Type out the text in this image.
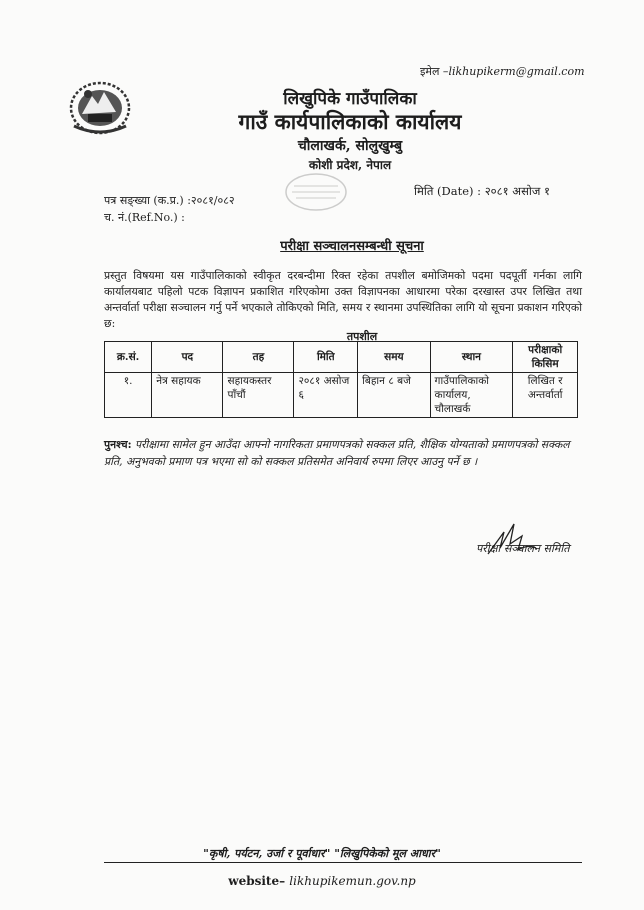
इमेल –likhupikerm@gmail.com
लिखुपिके गाउँपालिका
गाउँ कार्यपालिकाको कार्यालय
चौलाखर्क, सोलुखुम्बु
कोशी प्रदेश, नेपाल
पत्र सङ्ख्या (क.प्र.) :२०८१/०८२
च. नं.(Ref.No.) :
मिति (Date) : २०८१ असोज १
परीक्षा सञ्चालनसम्बन्धी सूचना
प्रस्तुत विषयमा यस गाउँपालिकाको स्वीकृत दरबन्दीमा रिक्त रहेका तपशील बमोजिमको पदमा पदपूर्ती गर्नका लागि कार्यालयबाट पहिलो पटक विज्ञापन प्रकाशित गरिएकोमा उक्त विज्ञापनका आधारमा परेका दरखास्त उपर लिखित तथा अन्तर्वार्ता परीक्षा सञ्चालन गर्नु पर्ने भएकाले तोकिएको मिति, समय र स्थानमा उपस्थितिका लागि यो सूचना प्रकाशन गरिएको छ:
तपशील
क्र.सं.	पद	तह	मिति	समय	स्थान	परीक्षाको किसिम
१.	नेत्र सहायक	सहायकस्तर पाँचौं	२०८१ असोज ६	बिहान ८ बजे	गाउँपालिकाको कार्यालय, चौलाखर्क	लिखित र अन्तर्वार्ता
पुनश्च: परीक्षामा सामेल हुन आउँदा आफ्नो नागरिकता प्रमाणपत्रको सक्कल प्रति, शैक्षिक योग्यताको प्रमाणपत्रको सक्कल प्रति, अनुभवको प्रमाण पत्र भएमा सो को सक्कल प्रतिसमेत अनिवार्य रुपमा लिएर आउनु पर्ने छ ।
परीक्षा सञ्चालन समिति
"कृषी, पर्यटन, उर्जा र पूर्वाधार" "लिखुपिकेको मूल आधार"
website– likhupikemun.gov.np
